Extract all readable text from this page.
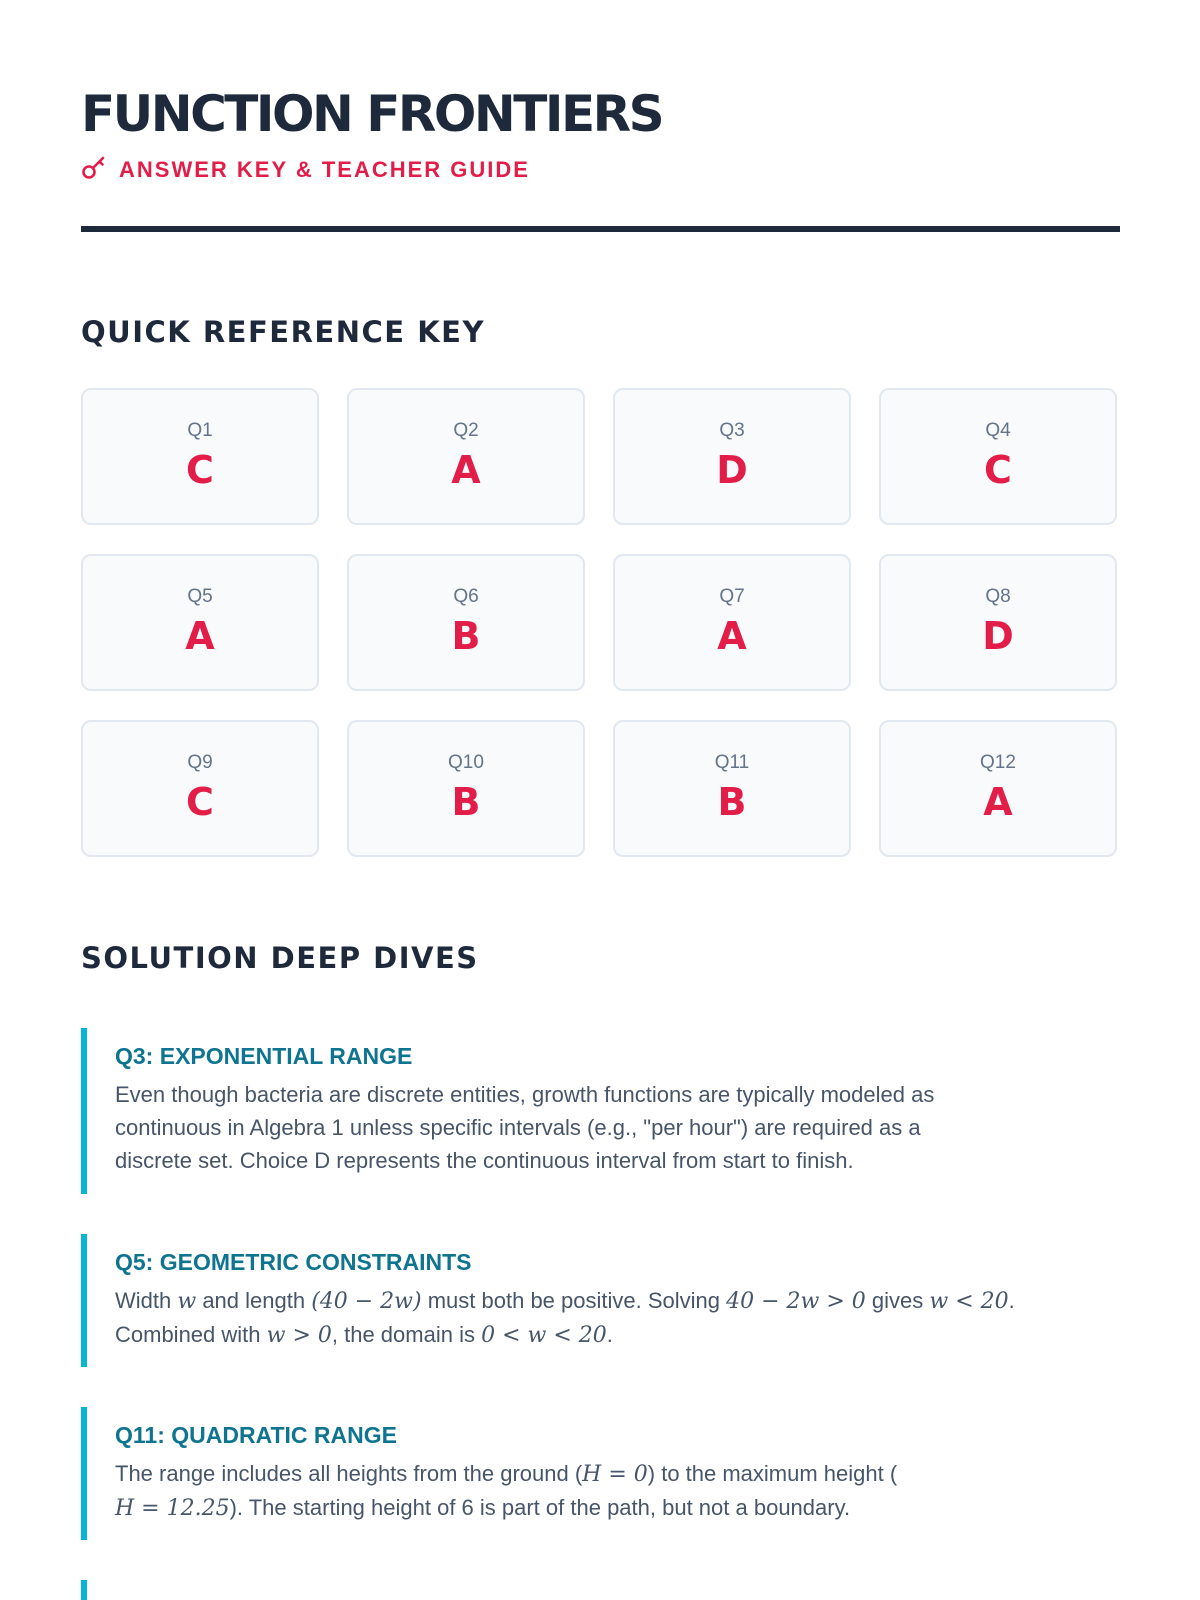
FUNCTION FRONTIERS
ANSWER KEY & TEACHER GUIDE
QUICK REFERENCE KEY
Q1
C
Q2
A
Q3
D
Q4
C
Q5
A
Q6
B
Q7
A
Q8
D
Q9
C
Q10
B
Q11
B
Q12
A
SOLUTION DEEP DIVES
Q3: EXPONENTIAL RANGE
Even though bacteria are discrete entities, growth functions are typically modeled as
continuous in Algebra 1 unless specific intervals (e.g., "per hour") are required as a
discrete set. Choice D represents the continuous interval from start to finish.
Q5: GEOMETRIC CONSTRAINTS
Width w and length (40 − 2w) must both be positive. Solving 40 − 2w > 0 gives w < 20.
Combined with w > 0, the domain is 0 < w < 20.
Q11: QUADRATIC RANGE
The range includes all heights from the ground (H = 0) to the maximum height (
H = 12.25). The starting height of 6 is part of the path, but not a boundary.
